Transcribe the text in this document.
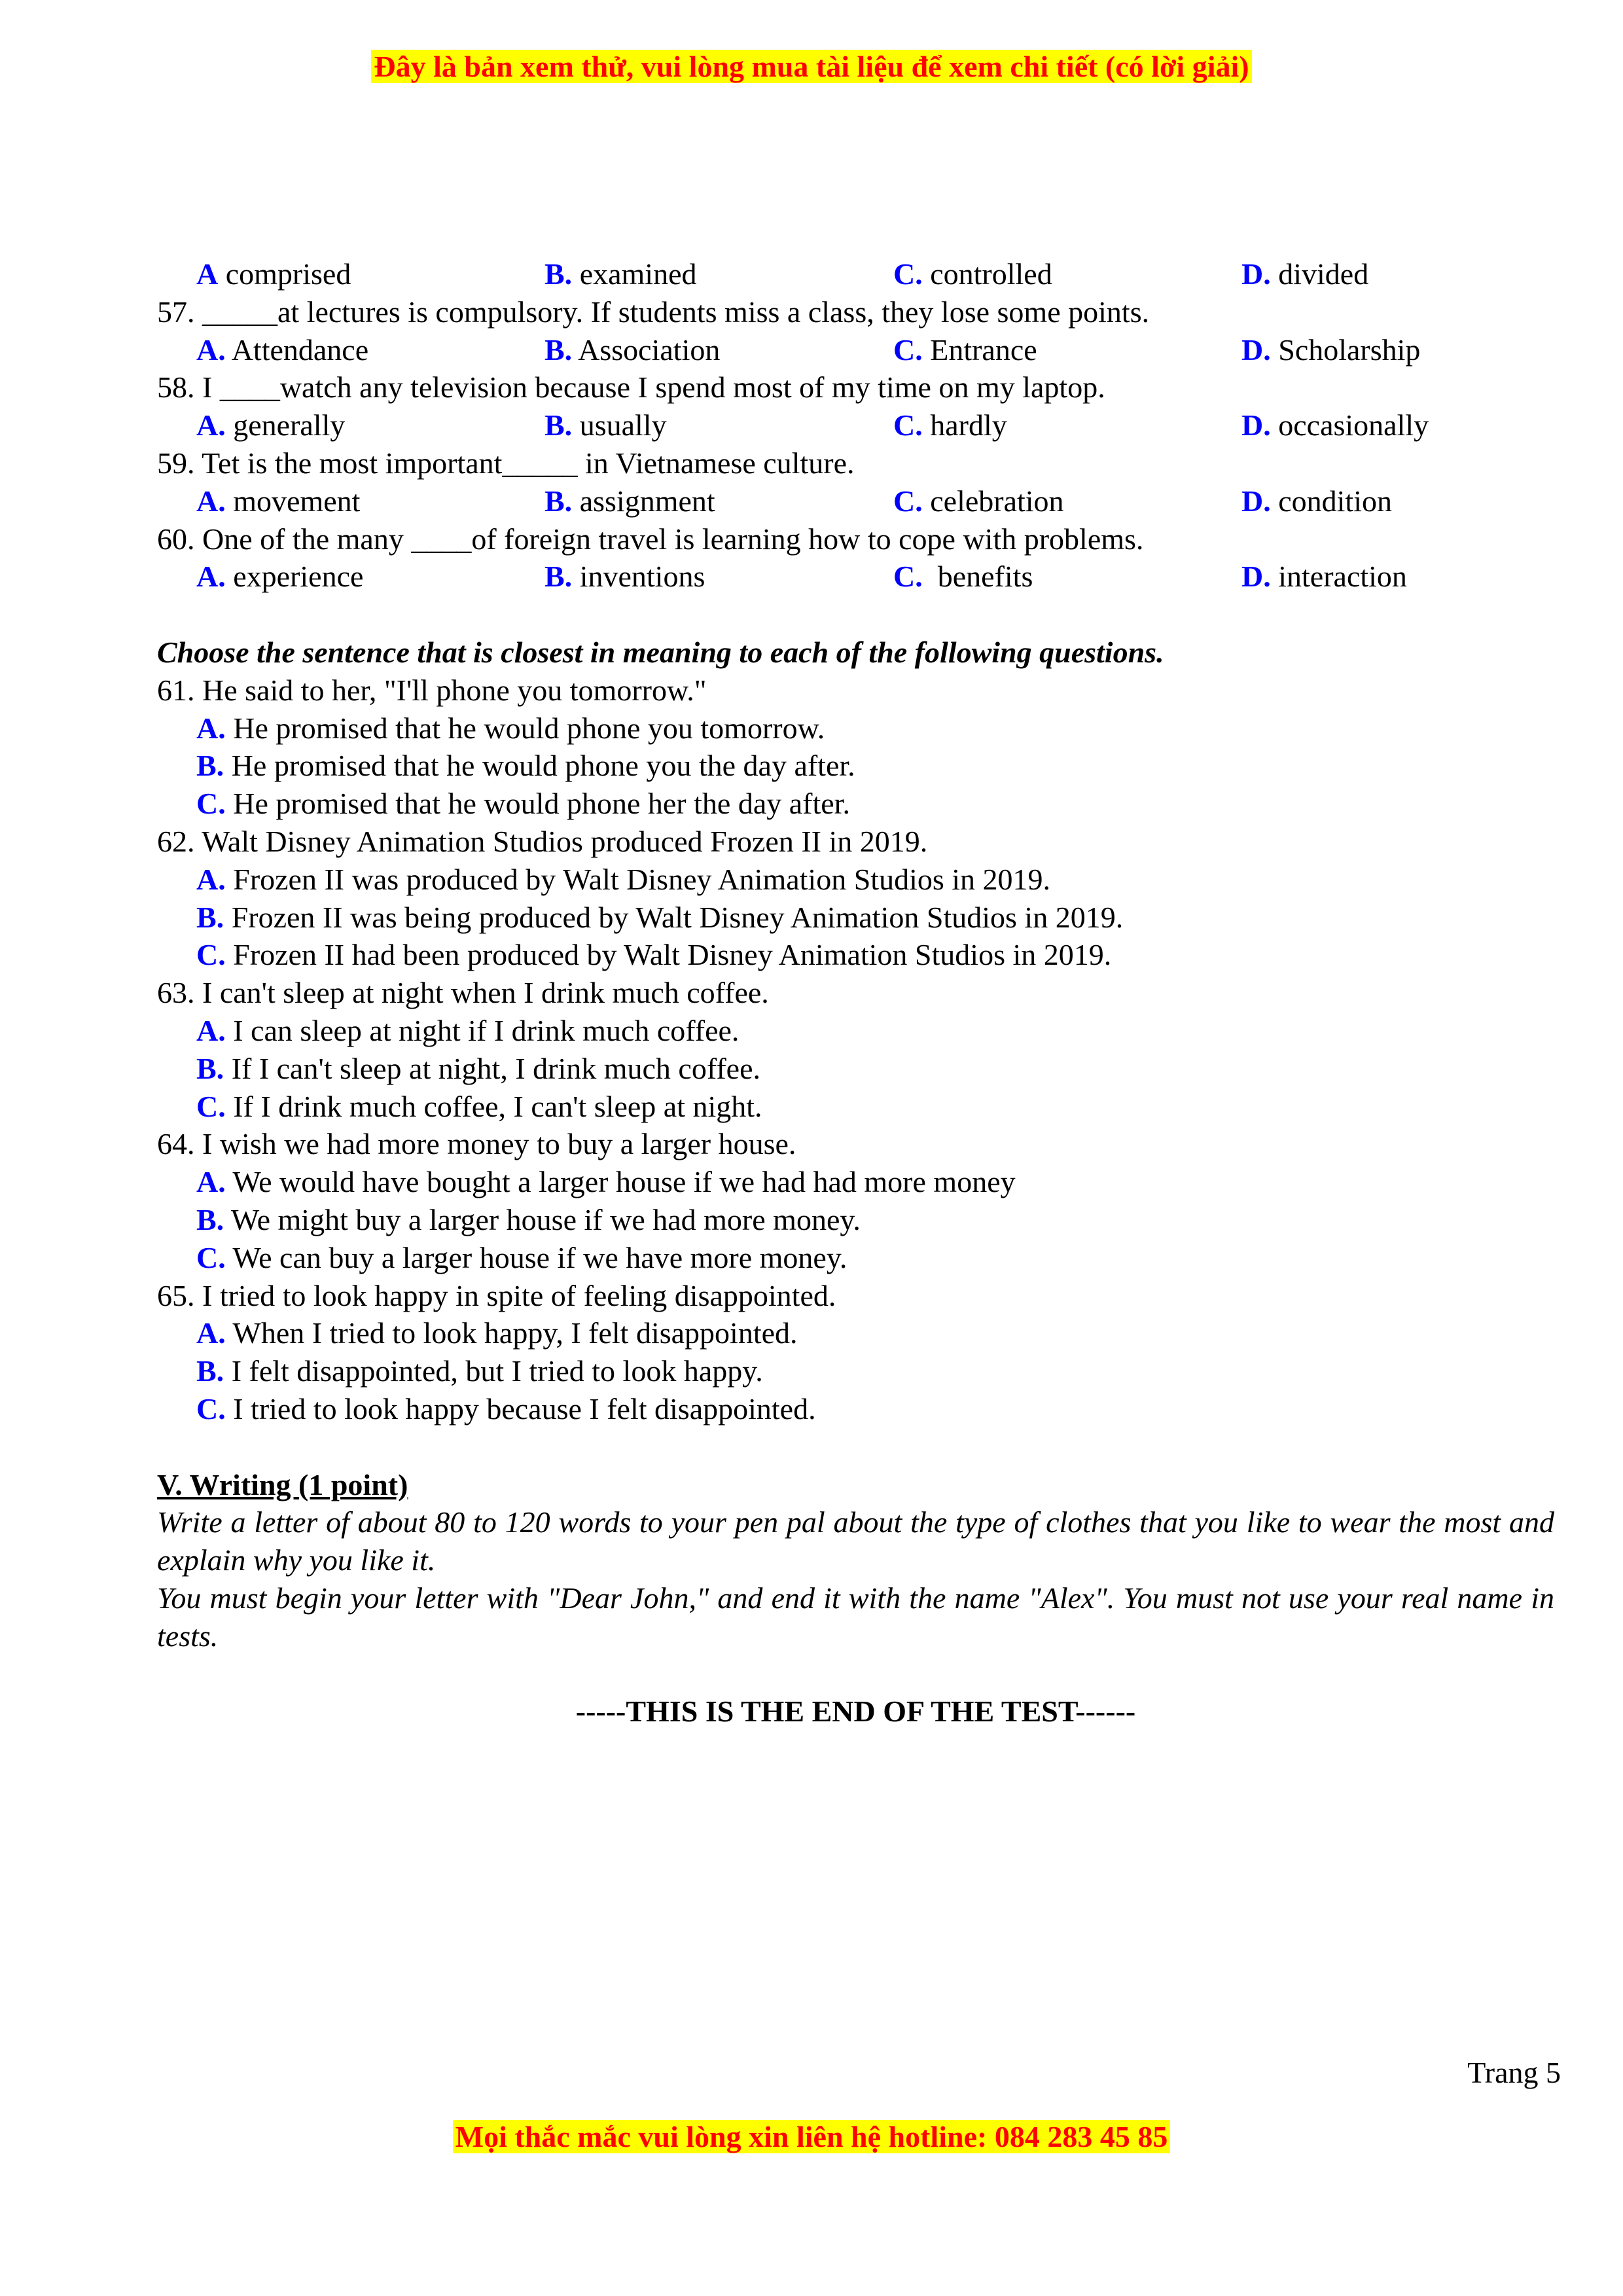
Đây là bản xem thử, vui lòng mua tài liệu để xem chi tiết (có lời giải)
A comprised	B. examined	C. controlled	D. divided
57. _____at lectures is compulsory. If students miss a class, they lose some points.
A. Attendance	B. Association	C. Entrance	D. Scholarship
58. I ____watch any television because I spend most of my time on my laptop.
A. generally	B. usually	C. hardly	D. occasionally
59. Tet is the most important_____ in Vietnamese culture.
A. movement	B. assignment	C. celebration	D. condition
60. One of the many ____of foreign travel is learning how to cope with problems.
A. experience	B. inventions	C.  benefits	D. interaction
Choose the sentence that is closest in meaning to each of the following questions.
61. He said to her, "I'll phone you tomorrow."
A. He promised that he would phone you tomorrow.
B. He promised that he would phone you the day after.
C. He promised that he would phone her the day after.
62. Walt Disney Animation Studios produced Frozen II in 2019.
A. Frozen II was produced by Walt Disney Animation Studios in 2019.
B. Frozen II was being produced by Walt Disney Animation Studios in 2019.
C. Frozen II had been produced by Walt Disney Animation Studios in 2019.
63. I can't sleep at night when I drink much coffee.
A. I can sleep at night if I drink much coffee.
B. If I can't sleep at night, I drink much coffee.
C. If I drink much coffee, I can't sleep at night.
64. I wish we had more money to buy a larger house.
A. We would have bought a larger house if we had had more money
B. We might buy a larger house if we had more money.
C. We can buy a larger house if we have more money.
65. I tried to look happy in spite of feeling disappointed.
A. When I tried to look happy, I felt disappointed.
B. I felt disappointed, but I tried to look happy.
C. I tried to look happy because I felt disappointed.
V. Writing (1 point)

Write a letter of about 80 to 120 words to your pen pal about the type of clothes that you like to wear the most and explain why you like it.

You must begin your letter with "Dear John," and end it with the name "Alex". You must not use your real name in tests.

-----THIS IS THE END OF THE TEST------
Trang 5
Mọi thắc mắc vui lòng xin liên hệ hotline: 084 283 45 85
